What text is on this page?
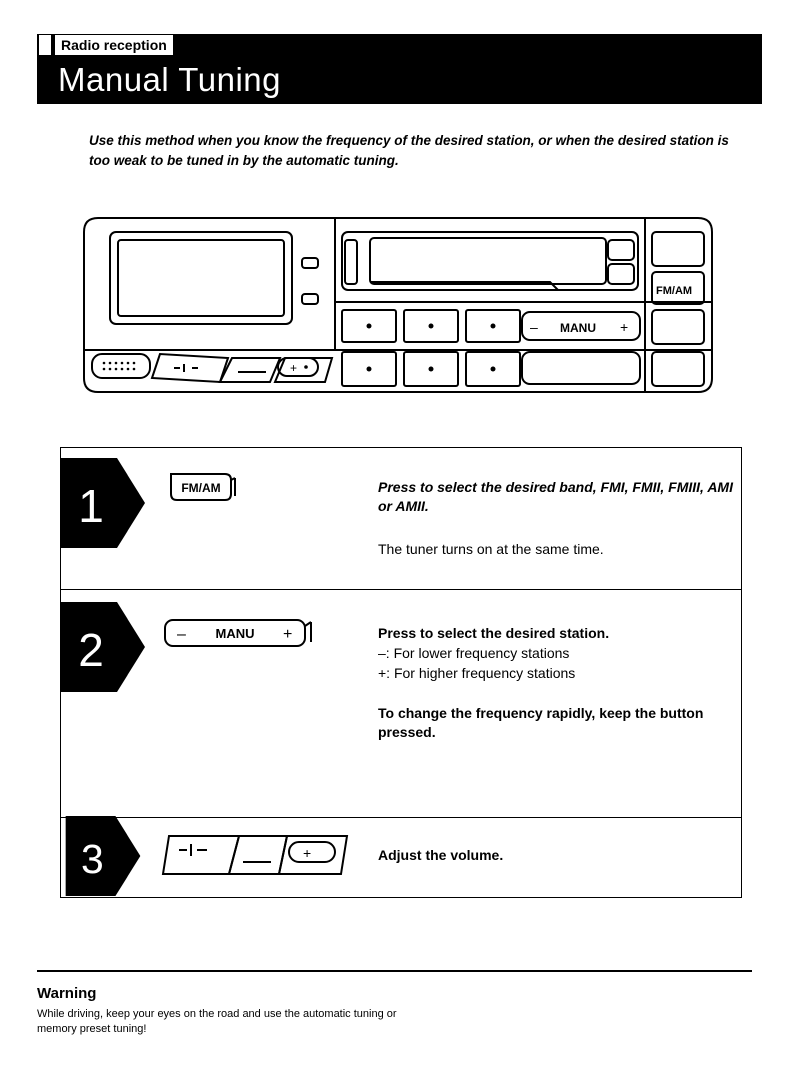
Radio reception
Manual Tuning
Use this method when you know the frequency of the desired station, or when the desired station is too weak to be tuned in by the automatic tuning.
– MANU +
FM/AM
+
1	FM/AM	Press to select the desired band, FMI, FMII, FMIII, AMI or AMII.
The tuner turns on at the same time.
2	– MANU +	Press to select the desired station.
–: For lower frequency stations
+: For higher frequency stations
To change the frequency rapidly, keep the button pressed.
3	+	Adjust the volume.
Warning
While driving, keep your eyes on the road and use the automatic tuning or memory preset tuning!
